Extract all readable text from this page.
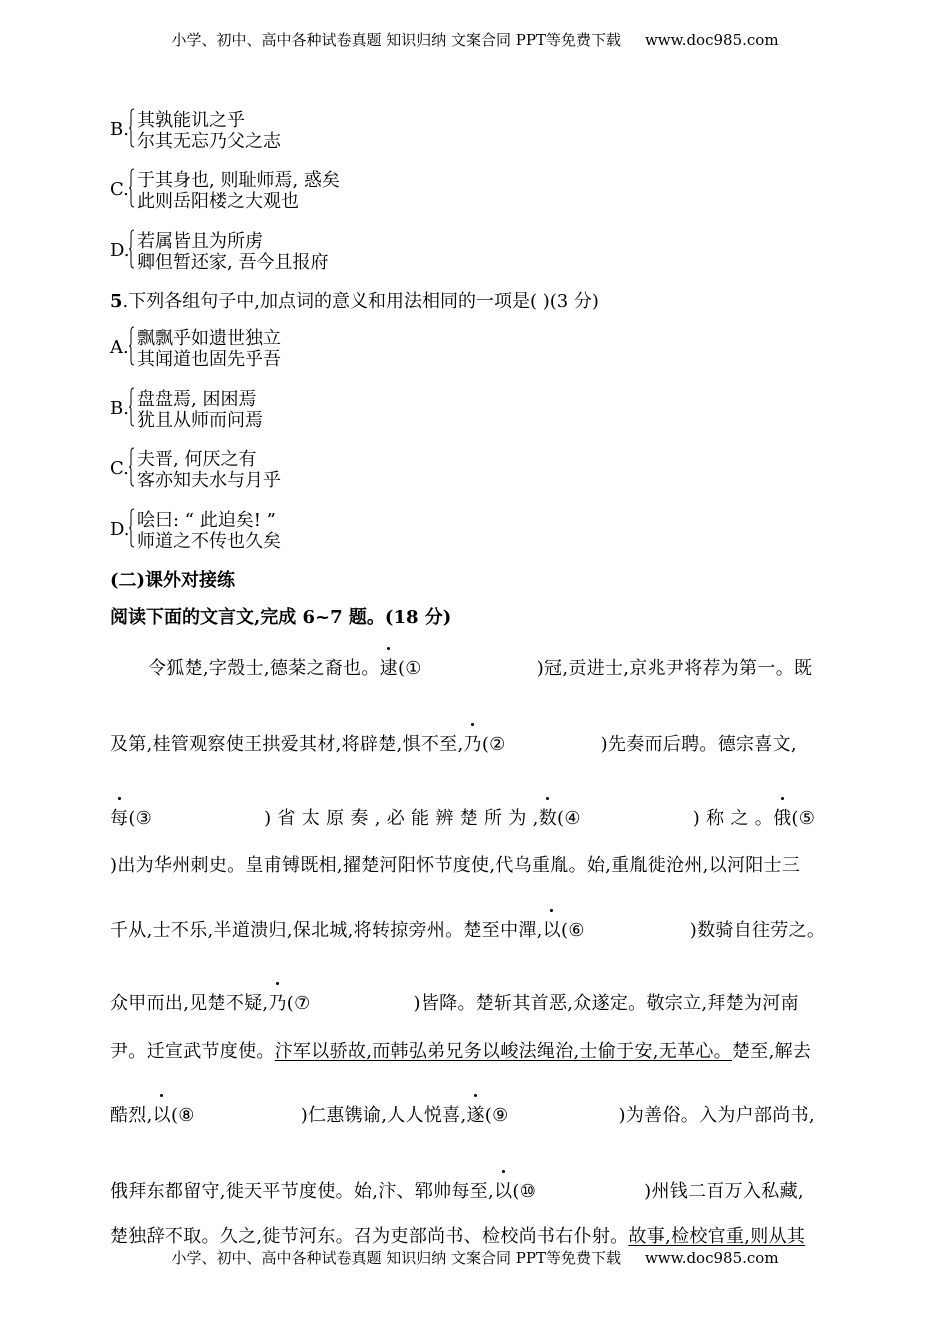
小学、初中、高中各种试卷真题 知识归纳 文案合同 PPT等免费下载 www.doc985.com
B. 其孰能讥之乎
尔其无忘乃父之志
C. 于其身也, 则耻师焉, 惑矣
此则岳阳楼之大观也
D. 若属皆且为所虏
卿但暂还家, 吾今且报府
5.下列各组句子中,加点词的意义和用法相同的一项是( )(3 分)
A. 飘飘乎如遗世独立
其闻道也固先乎吾
B. 盘盘焉, 困困焉
犹且从师而问焉
C. 夫晋, 何厌之有
客亦知夫水与月乎
D. 哙曰: “ 此迫矣! ”
师道之不传也久矣
(二)课外对接练
阅读下面的文言文,完成 6~7 题。(18 分)
令狐楚,字殼士,德棻之裔也。逮(①	)冠,贡进士,京兆尹将荐为第一。既
及第,桂管观察使王拱爱其材,将辟楚,惧不至,乃(②	)先奏而后聘。德宗喜文,
每(③	) 省 太 原 奏 , 必 能 辨 楚 所 为 ,数(④	) 称 之 。俄(⑤
)出为华州刺史。皇甫镈既相,擢楚河阳怀节度使,代乌重胤。始,重胤徙沧州,以河阳士三
千从,士不乐,半道溃归,保北城,将转掠旁州。楚至中潬,以(⑥	)数骑自往劳之。
众甲而出,见楚不疑,乃(⑦	)皆降。楚斩其首恶,众遂定。敬宗立,拜楚为河南
尹。迁宣武节度使。汴军以骄故,而韩弘弟兄务以峻法绳治,士偷于安,无革心。楚至,解去
酷烈,以(⑧	)仁惠镌谕,人人悦喜,遂(⑨	)为善俗。入为户部尚书,
俄拜东都留守,徙天平节度使。始,汴、郓帅每至,以(⑩	)州钱二百万入私藏,
楚独辞不取。久之,徙节河东。召为吏部尚书、检校尚书右仆射。故事,检校官重,则从其
小学、初中、高中各种试卷真题 知识归纳 文案合同 PPT等免费下载 www.doc985.com
